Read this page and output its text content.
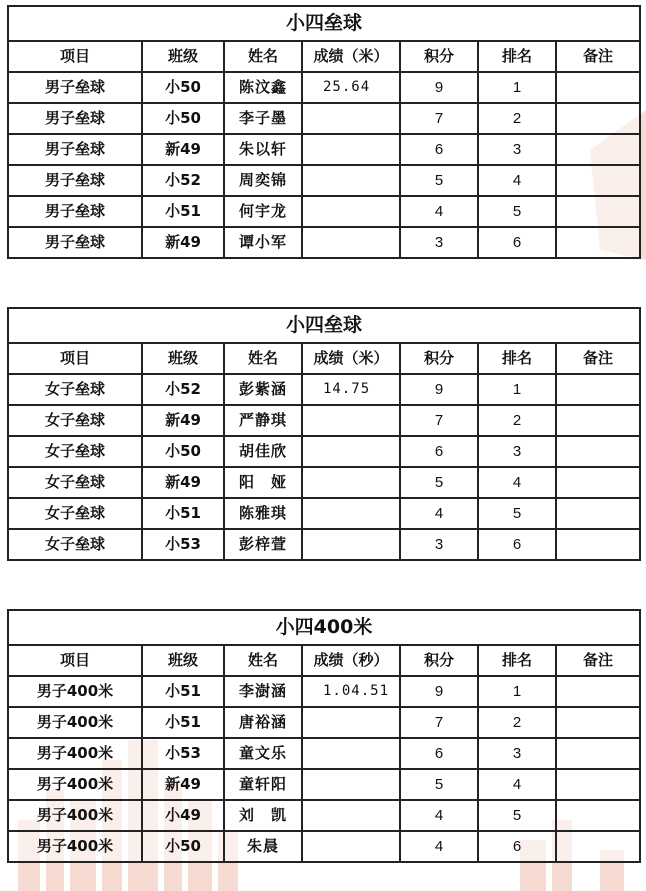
小四垒球						
项目	班级	姓名	成绩（米）	积分	排名	备注
男子垒球	小50	陈汶鑫	25.64	9	1	
男子垒球	小50	李子墨		7	2	
男子垒球	新49	朱以轩		6	3	
男子垒球	小52	周奕锦		5	4	
男子垒球	小51	何宇龙		4	5	
男子垒球	新49	谭小军		3	6	
小四垒球						
项目	班级	姓名	成绩（米）	积分	排名	备注
女子垒球	小52	彭紫涵	14.75	9	1	
女子垒球	新49	严静琪		7	2	
女子垒球	小50	胡佳欣		6	3	
女子垒球	新49	阳　娅		5	4	
女子垒球	小51	陈雅琪		4	5	
女子垒球	小53	彭梓萱		3	6	
小四400米						
项目	班级	姓名	成绩（秒）	积分	排名	备注
男子400米	小51	李澍涵	1.04.51	9	1	
男子400米	小51	唐裕涵		7	2	
男子400米	小53	童文乐		6	3	
男子400米	新49	童轩阳		5	4	
男子400米	小49	刘　凯		4	5	
男子400米	小50	朱晨		4	6	
